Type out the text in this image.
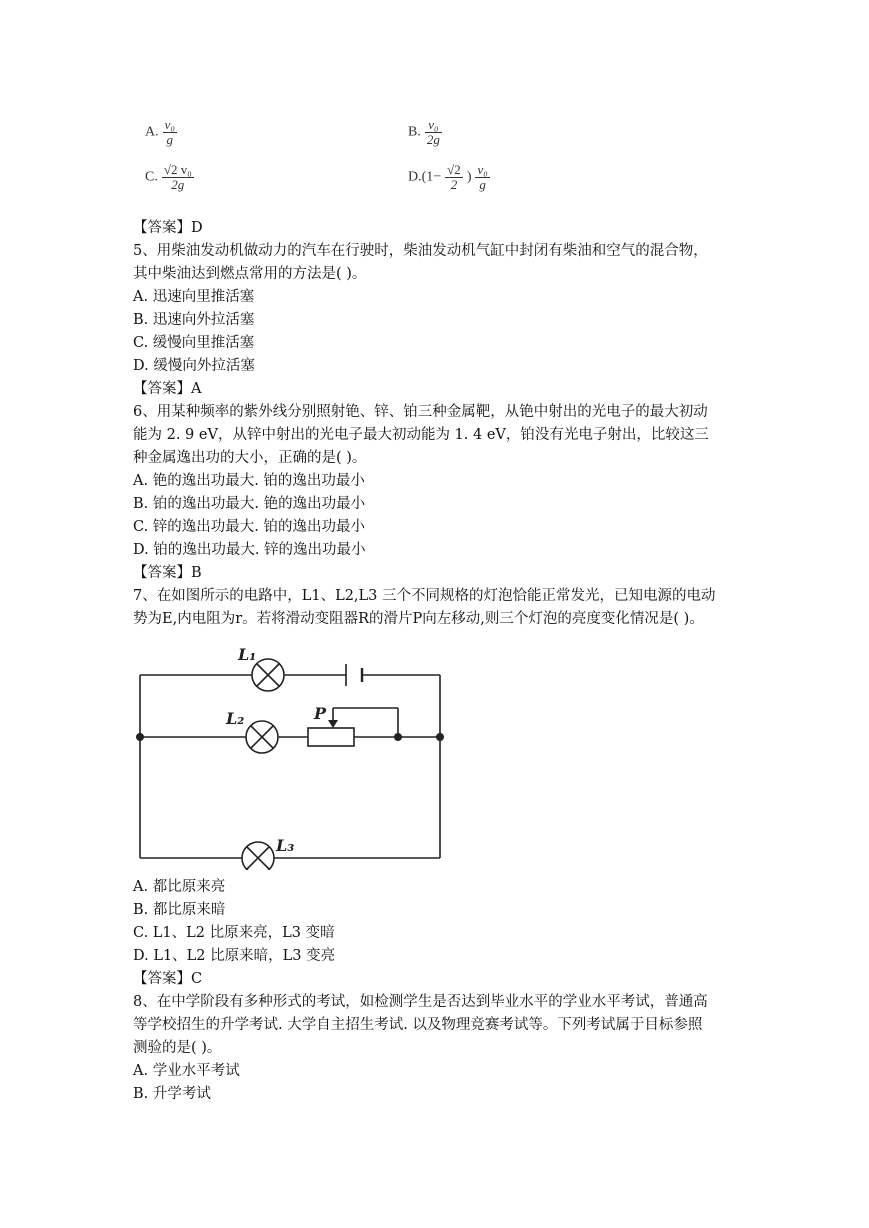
A. $\frac{\text{v₀}}{g}$	B. $\frac{\text{v₀}}{2g}$
C. $\frac{\text{√2 v₀}}{2g}$	$D.(1- \frac{√2}{2}$ ) $\frac{\text{v₀}}{g}$
【答案】D
5、用柴油发动机做动力的汽车在行驶时，柴油发动机气缸中封闭有柴油和空气的混合物，
其中柴油达到燃点常用的方法是( )。
A. 迅速向里推活塞
B. 迅速向外拉活塞
C. 缓慢向里推活塞
D. 缓慢向外拉活塞
【答案】A
6、用某种频率的紫外线分别照射铯、锌、铂三种金属靶，从铯中射出的光电子的最大初动
能为 2. 9 eV，从锌中射出的光电子最大初动能为 1. 4 eV，铂没有光电子射出，比较这三
种金属逸出功的大小，正确的是( )。
A. 铯的逸出功最大. 铂的逸出功最小
B. 铂的逸出功最大. 铯的逸出功最小
C. 锌的逸出功最大. 铂的逸出功最小
D. 铂的逸出功最大. 锌的逸出功最小
【答案】B
7、在如图所示的电路中，L1、L2,L3 三个不同规格的灯泡恰能正常发光，已知电源的电动
势为E,内电阻为r。若将滑动变阻器R的滑片P向左移动,则三个灯泡的亮度变化情况是( )。
L₁
L₂	P
L₃
A. 都比原来亮
B. 都比原来暗
C. L1、L2 比原来亮，L3 变暗
D. L1、L2 比原来暗，L3 变亮
【答案】C
8、在中学阶段有多种形式的考试，如检测学生是否达到毕业水平的学业水平考试，普通高
等学校招生的升学考试. 大学自主招生考试. 以及物理竞赛考试等。下列考试属于目标参照
测验的是( )。
A. 学业水平考试
B. 升学考试
